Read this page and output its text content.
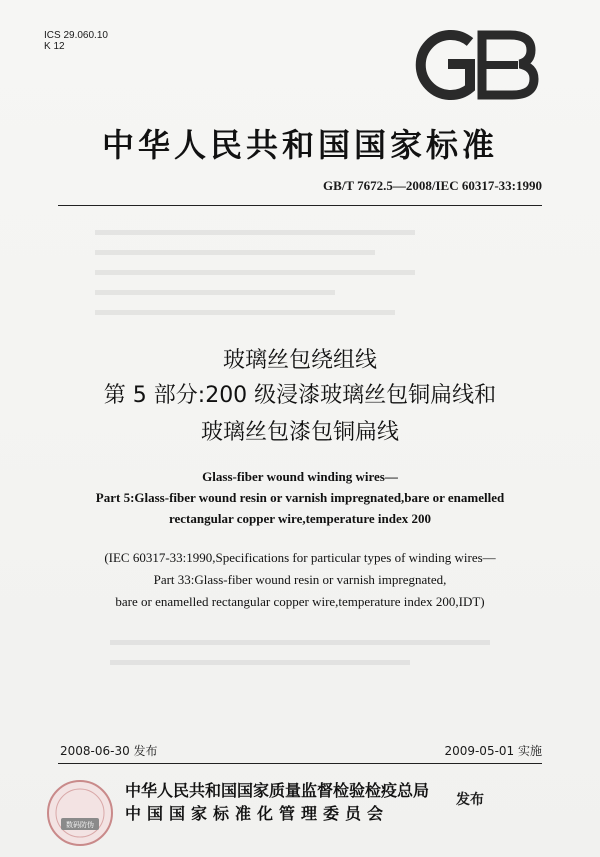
ICS 29.060.10
K 12
中华人民共和国国家标准
GB/T 7672.5—2008/IEC 60317-33:1990
玻璃丝包绕组线
第 5 部分:200 级浸漆玻璃丝包铜扁线和
玻璃丝包漆包铜扁线
Glass-fiber wound winding wires—
Part 5:Glass-fiber wound resin or varnish impregnated,bare or enamelled
rectangular copper wire,temperature index 200
(IEC 60317-33:1990,Specifications for particular types of winding wires—
Part 33:Glass-fiber wound resin or varnish impregnated,
bare or enamelled rectangular copper wire,temperature index 200,IDT)
2008-06-30 发布	2009-05-01 实施
数码防伪
中华人民共和国国家质量监督检验检疫总局
中国国家标准化管理委员会
发布
